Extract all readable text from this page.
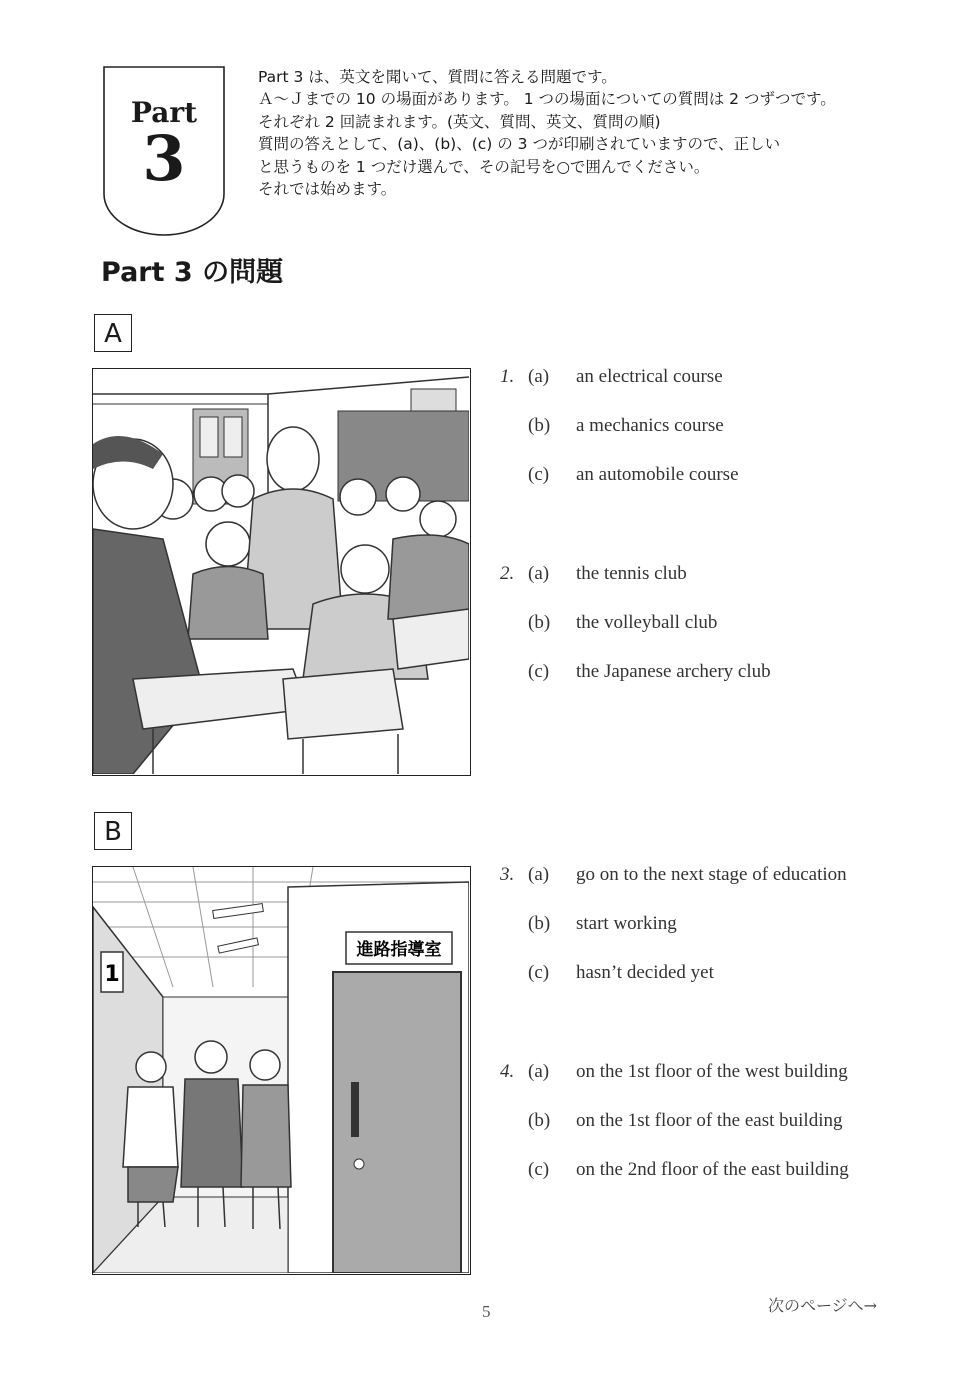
Part
3
Part 3 は、英文を聞いて、質問に答える問題です。
Ａ～Ｊまでの 10 の場面があります。 1 つの場面についての質問は 2 つずつです。
それぞれ 2 回読まれます。(英文、質問、英文、質問の順)
質問の答えとして、(a)、(b)、(c) の 3 つが印刷されていますので、正しい
と思うものを 1 つだけ選んで、その記号を○で囲んでください。
それでは始めます。
Part 3 の問題
A
1. (a) an electrical course
(b) a mechanics course
(c) an automobile course
2. (a) the tennis club
(b) the volleyball club
(c) the Japanese archery club
B
1
進路指導室
3. (a) go on to the next stage of education
(b) start working
(c) hasn’t decided yet
4. (a) on the 1st floor of the west building
(b) on the 1st floor of the east building
(c) on the 2nd floor of the east building
5	次のページへ→
